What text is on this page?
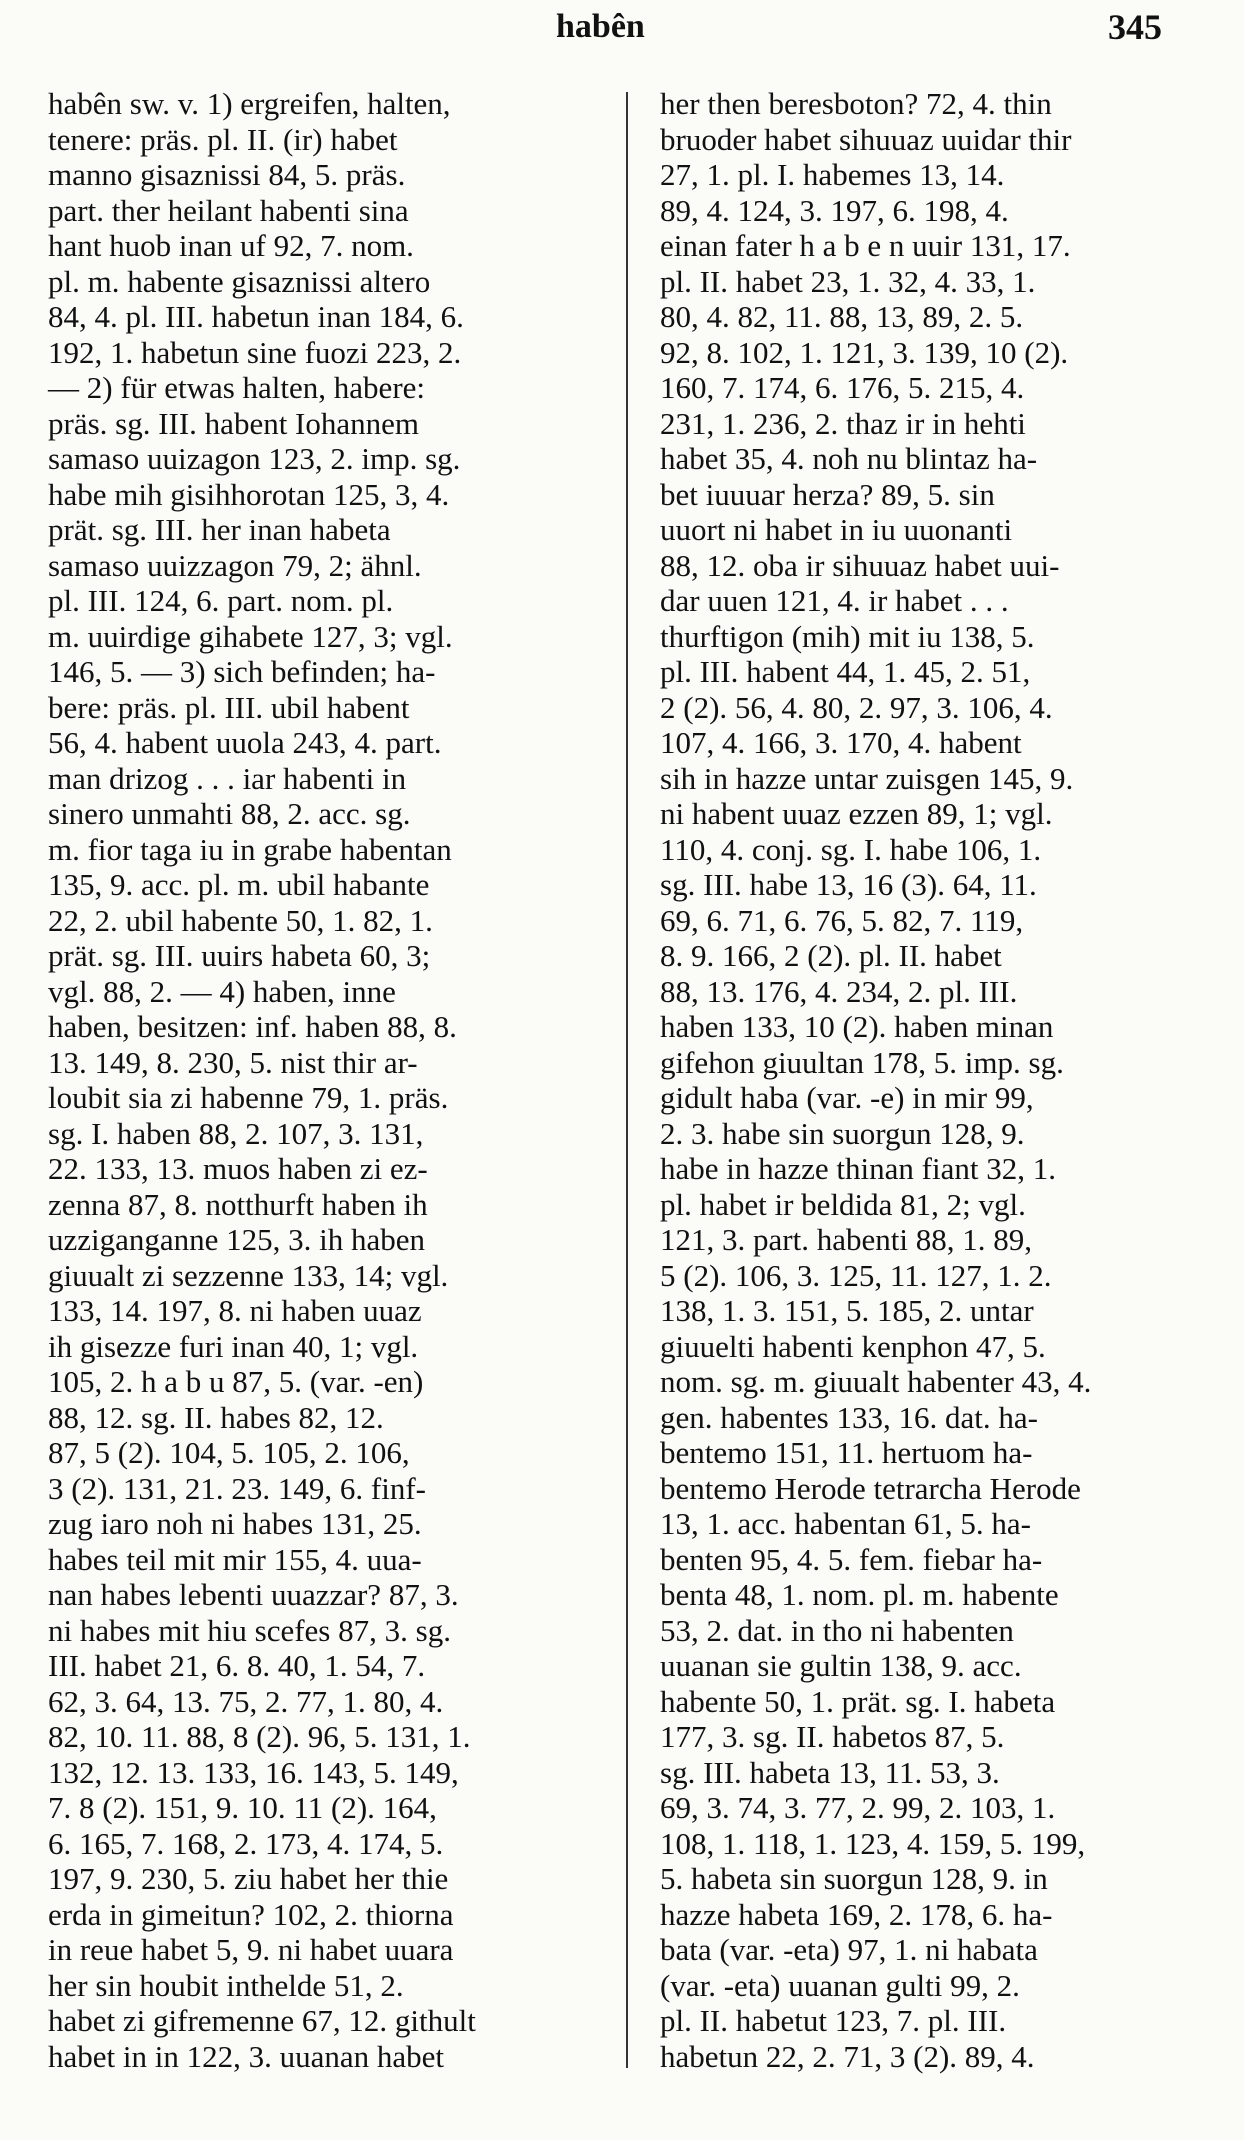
habên	345
habên sw. v. 1) ergreifen, halten,
tenere: präs. pl. II. (ir) habet
manno gisaznissi 84, 5. präs.
part. ther heilant habenti sina
hant huob inan uf 92, 7. nom.
pl. m. habente gisaznissi altero
84, 4. pl. III. habetun inan 184, 6.
192, 1. habetun sine fuozi 223, 2.
— 2) für etwas halten, habere:
präs. sg. III. habent Iohannem
samaso uuizagon 123, 2. imp. sg.
habe mih gisihhorotan 125, 3, 4.
prät. sg. III. her inan habeta
samaso uuizzagon 79, 2; ähnl.
pl. III. 124, 6. part. nom. pl.
m. uuirdige gihabete 127, 3; vgl.
146, 5. — 3) sich befinden; ha-
bere: präs. pl. III. ubil habent
56, 4. habent uuola 243, 4. part.
man drizog . . . iar habenti in
sinero unmahti 88, 2. acc. sg.
m. fior taga iu in grabe habentan
135, 9. acc. pl. m. ubil habante
22, 2. ubil habente 50, 1. 82, 1.
prät. sg. III. uuirs habeta 60, 3;
vgl. 88, 2. — 4) haben, inne
haben, besitzen: inf. haben 88, 8.
13. 149, 8. 230, 5. nist thir ar-
loubit sia zi habenne 79, 1. präs.
sg. I. haben 88, 2. 107, 3. 131,
22. 133, 13. muos haben zi ez-
zenna 87, 8. notthurft haben ih
uzziganganne 125, 3. ih haben
giuualt zi sezzenne 133, 14; vgl.
133, 14. 197, 8. ni haben uuaz
ih gisezze furi inan 40, 1; vgl.
105, 2. h a b u 87, 5. (var. -en)
88, 12. sg. II. habes 82, 12.
87, 5 (2). 104, 5. 105, 2. 106,
3 (2). 131, 21. 23. 149, 6. finf-
zug iaro noh ni habes 131, 25.
habes teil mit mir 155, 4. uua-
nan habes lebenti uuazzar? 87, 3.
ni habes mit hiu scefes 87, 3. sg.
III. habet 21, 6. 8. 40, 1. 54, 7.
62, 3. 64, 13. 75, 2. 77, 1. 80, 4.
82, 10. 11. 88, 8 (2). 96, 5. 131, 1.
132, 12. 13. 133, 16. 143, 5. 149,
7. 8 (2). 151, 9. 10. 11 (2). 164,
6. 165, 7. 168, 2. 173, 4. 174, 5.
197, 9. 230, 5. ziu habet her thie
erda in gimeitun? 102, 2. thiorna
in reue habet 5, 9. ni habet uuara
her sin houbit inthelde 51, 2.
habet zi gifremenne 67, 12. githult
habet in in 122, 3. uuanan habet
her then beresboton? 72, 4. thin
bruoder habet sihuuaz uuidar thir
27, 1. pl. I. habemes 13, 14.
89, 4. 124, 3. 197, 6. 198, 4.
einan fater h a b e n uuir 131, 17.
pl. II. habet 23, 1. 32, 4. 33, 1.
80, 4. 82, 11. 88, 13, 89, 2. 5.
92, 8. 102, 1. 121, 3. 139, 10 (2).
160, 7. 174, 6. 176, 5. 215, 4.
231, 1. 236, 2. thaz ir in hehti
habet 35, 4. noh nu blintaz ha-
bet iuuuar herza? 89, 5. sin
uuort ni habet in iu uuonanti
88, 12. oba ir sihuuaz habet uui-
dar uuen 121, 4. ir habet . . .
thurftigon (mih) mit iu 138, 5.
pl. III. habent 44, 1. 45, 2. 51,
2 (2). 56, 4. 80, 2. 97, 3. 106, 4.
107, 4. 166, 3. 170, 4. habent
sih in hazze untar zuisgen 145, 9.
ni habent uuaz ezzen 89, 1; vgl.
110, 4. conj. sg. I. habe 106, 1.
sg. III. habe 13, 16 (3). 64, 11.
69, 6. 71, 6. 76, 5. 82, 7. 119,
8. 9. 166, 2 (2). pl. II. habet
88, 13. 176, 4. 234, 2. pl. III.
haben 133, 10 (2). haben minan
gifehon giuultan 178, 5. imp. sg.
gidult haba (var. -e) in mir 99,
2. 3. habe sin suorgun 128, 9.
habe in hazze thinan fiant 32, 1.
pl. habet ir beldida 81, 2; vgl.
121, 3. part. habenti 88, 1. 89,
5 (2). 106, 3. 125, 11. 127, 1. 2.
138, 1. 3. 151, 5. 185, 2. untar
giuuelti habenti kenphon 47, 5.
nom. sg. m. giuualt habenter 43, 4.
gen. habentes 133, 16. dat. ha-
bentemo 151, 11. hertuom ha-
bentemo Herode tetrarcha Herode
13, 1. acc. habentan 61, 5. ha-
benten 95, 4. 5. fem. fiebar ha-
benta 48, 1. nom. pl. m. habente
53, 2. dat. in tho ni habenten
uuanan sie gultin 138, 9. acc.
habente 50, 1. prät. sg. I. habeta
177, 3. sg. II. habetos 87, 5.
sg. III. habeta 13, 11. 53, 3.
69, 3. 74, 3. 77, 2. 99, 2. 103, 1.
108, 1. 118, 1. 123, 4. 159, 5. 199,
5. habeta sin suorgun 128, 9. in
hazze habeta 169, 2. 178, 6. ha-
bata (var. -eta) 97, 1. ni habata
(var. -eta) uuanan gulti 99, 2.
pl. II. habetut 123, 7. pl. III.
habetun 22, 2. 71, 3 (2). 89, 4.
